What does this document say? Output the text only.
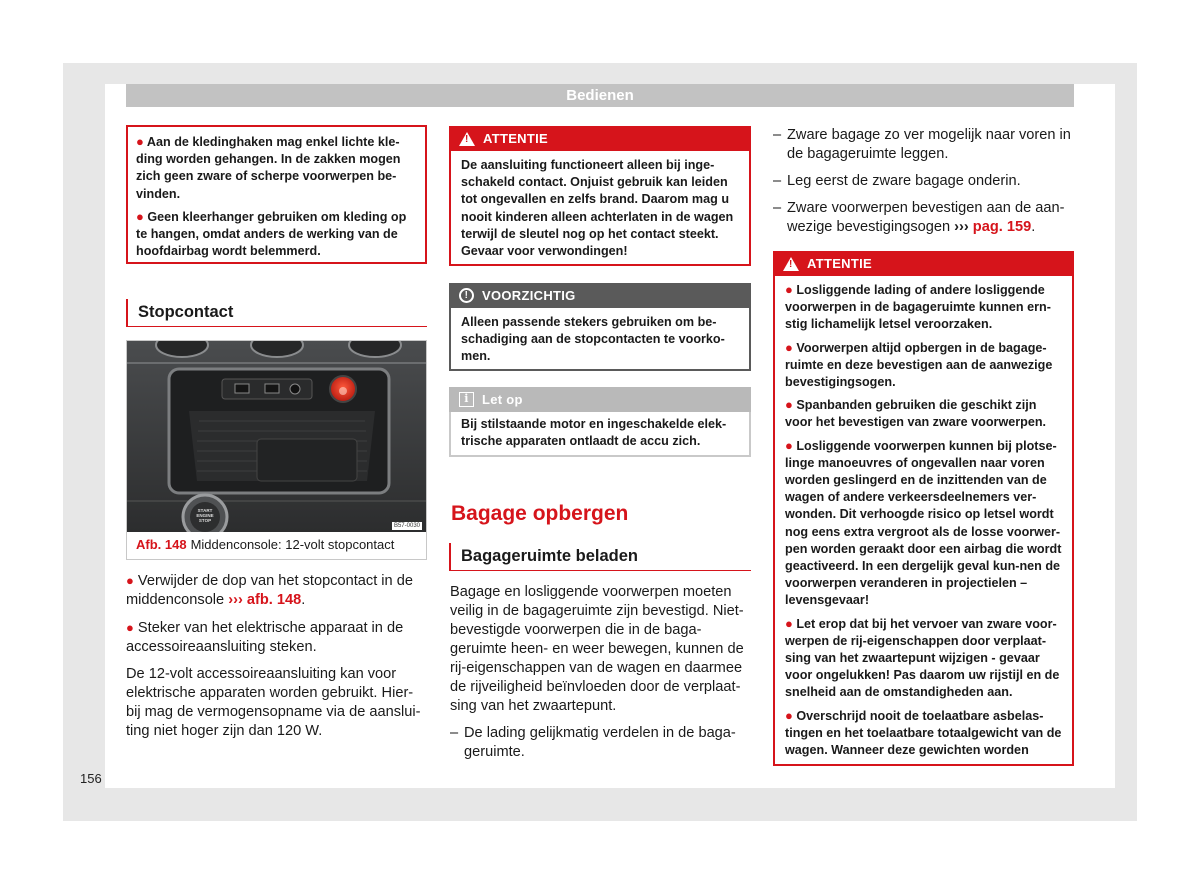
Bedienen

● Aan de kledinghaken mag enkel lichte kle-ding worden gehangen. In de zakken mogen zich geen zware of scherpe voorwerpen be-vinden.

● Geen kleerhanger gebruiken om kleding op te hangen, omdat anders de werking van de hoofdairbag wordt belemmerd.

Stopcontact
START ENGINE STOP
B57-0030
Afb. 148 Middenconsole: 12-volt stopcontact

● Verwijder de dop van het stopcontact in de middenconsole ››› afb. 148.

● Steker van het elektrische apparaat in de accessoireaansluiting steken.

De 12-volt accessoireaansluiting kan voor elektrische apparaten worden gebruikt. Hier-bij mag de vermogensopname via de aanslui-ting niet hoger zijn dan 120 W.

156
!
ATTENTIE
De aansluiting functioneert alleen bij inge-schakeld contact. Onjuist gebruik kan leiden tot ongevallen en zelfs brand. Daarom mag u nooit kinderen alleen achterlaten in de wagen terwijl de sleutel nog op het contact steekt. Gevaar voor verwondingen!
!	VOORZICHTIG
Alleen passende stekers gebruiken om be-schadiging aan de stopcontacten te voorko-men.
i	Let op
Bij stilstaande motor en ingeschakelde elek-trische apparaten ontlaadt de accu zich.
Bagage opbergen
Bagageruimte beladen

Bagage en losliggende voorwerpen moeten veilig in de bagageruimte zijn bevestigd. Niet-bevestigde voorwerpen die in de baga-geruimte heen- en weer bewegen, kunnen de rij-eigenschappen van de wagen en daarmee de rijveiligheid beïnvloeden door de verplaat-sing van het zwaartepunt.

– De lading gelijkmatig verdelen in de baga-geruimte.
– Zware bagage zo ver mogelijk naar voren in de bagageruimte leggen.
– Leg eerst de zware bagage onderin.
– Zware voorwerpen bevestigen aan de aan-wezige bevestigingsogen ››› pag. 159.
!
ATTENTIE

● Losliggende lading of andere losliggende voorwerpen in de bagageruimte kunnen ern-stig lichamelijk letsel veroorzaken.

● Voorwerpen altijd opbergen in de bagage-ruimte en deze bevestigen aan de aanwezige bevestigingsogen.

● Spanbanden gebruiken die geschikt zijn voor het bevestigen van zware voorwerpen.

● Losliggende voorwerpen kunnen bij plotse-linge manoeuvres of ongevallen naar voren worden geslingerd en de inzittenden van de wagen of andere verkeersdeelnemers ver-wonden. Dit verhoogde risico op letsel wordt nog eens extra vergroot als de losse voorwer-pen worden geraakt door een airbag die wordt geactiveerd. In een dergelijk geval kun-nen de voorwerpen veranderen in projectielen – levensgevaar!

● Let erop dat bij het vervoer van zware voor-werpen de rij-eigenschappen door verplaat-sing van het zwaartepunt wijzigen - gevaar voor ongelukken! Pas daarom uw rijstijl en de snelheid aan de omstandigheden aan.

● Overschrijd nooit de toelaatbare asbelas-tingen en het toelaatbare totaalgewicht van de wagen. Wanneer deze gewichten worden
